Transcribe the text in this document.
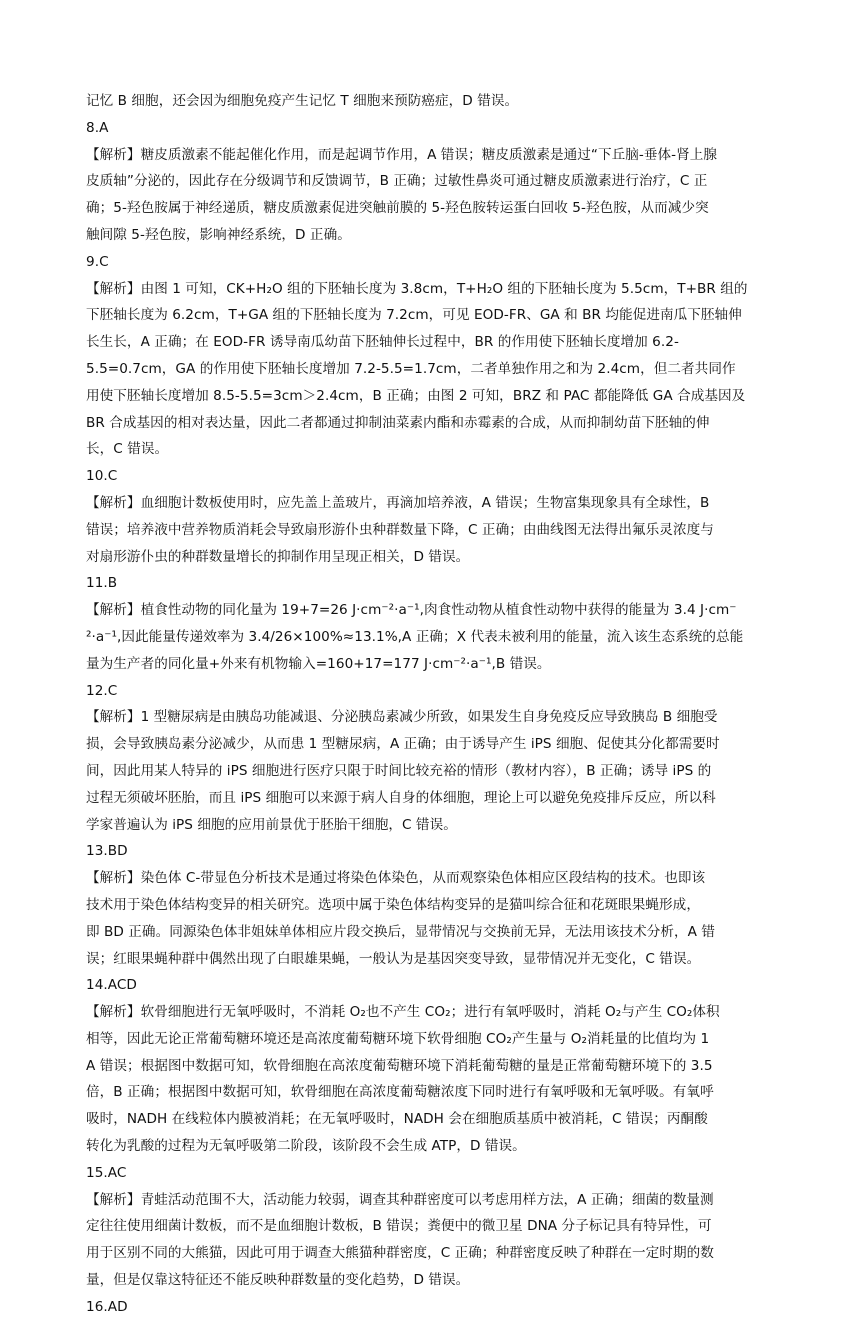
记忆 B 细胞，还会因为细胞免疫产生记忆 T 细胞来预防癌症，D 错误。
8.A
【解析】糖皮质激素不能起催化作用，而是起调节作用，A 错误；糖皮质激素是通过“下丘脑-垂体-肾上腺
皮质轴”分泌的，因此存在分级调节和反馈调节，B 正确；过敏性鼻炎可通过糖皮质激素进行治疗，C 正
确；5-羟色胺属于神经递质，糖皮质激素促进突触前膜的 5-羟色胺转运蛋白回收 5-羟色胺，从而减少突
触间隙 5-羟色胺，影响神经系统，D 正确。
9.C
【解析】由图 1 可知，CK+H₂O 组的下胚轴长度为 3.8cm，T+H₂O 组的下胚轴长度为 5.5cm，T+BR 组的
下胚轴长度为 6.2cm，T+GA 组的下胚轴长度为 7.2cm，可见 EOD-FR、GA 和 BR 均能促进南瓜下胚轴伸
长生长，A 正确；在 EOD-FR 诱导南瓜幼苗下胚轴伸长过程中，BR 的作用使下胚轴长度增加 6.2-
5.5=0.7cm，GA 的作用使下胚轴长度增加 7.2-5.5=1.7cm，二者单独作用之和为 2.4cm，但二者共同作
用使下胚轴长度增加 8.5-5.5=3cm＞2.4cm，B 正确；由图 2 可知，BRZ 和 PAC 都能降低 GA 合成基因及
BR 合成基因的相对表达量，因此二者都通过抑制油菜素内酯和赤霉素的合成，从而抑制幼苗下胚轴的伸
长，C 错误。
10.C
【解析】血细胞计数板使用时，应先盖上盖玻片，再滴加培养液，A 错误；生物富集现象具有全球性，B
错误；培养液中营养物质消耗会导致扇形游仆虫种群数量下降，C 正确；由曲线图无法得出氟乐灵浓度与
对扇形游仆虫的种群数量增长的抑制作用呈现正相关，D 错误。
11.B
【解析】植食性动物的同化量为 19+7=26 J·cm⁻²·a⁻¹,肉食性动物从植食性动物中获得的能量为 3.4 J·cm⁻
²·a⁻¹,因此能量传递效率为 3.4/26×100%≈13.1%,A 正确；X 代表未被利用的能量，流入该生态系统的总能
量为生产者的同化量+外来有机物输入=160+17=177 J·cm⁻²·a⁻¹,B 错误。
12.C
【解析】1 型糖尿病是由胰岛功能减退、分泌胰岛素减少所致，如果发生自身免疫反应导致胰岛 B 细胞受
损，会导致胰岛素分泌减少，从而患 1 型糖尿病，A 正确；由于诱导产生 iPS 细胞、促使其分化都需要时
间，因此用某人特异的 iPS 细胞进行医疗只限于时间比较充裕的情形（教材内容），B 正确；诱导 iPS 的
过程无须破坏胚胎，而且 iPS 细胞可以来源于病人自身的体细胞，理论上可以避免免疫排斥反应，所以科
学家普遍认为 iPS 细胞的应用前景优于胚胎干细胞，C 错误。
13.BD
【解析】染色体 C-带显色分析技术是通过将染色体染色，从而观察染色体相应区段结构的技术。也即该
技术用于染色体结构变异的相关研究。选项中属于染色体结构变异的是猫叫综合征和花斑眼果蝇形成，
即 BD 正确。同源染色体非姐妹单体相应片段交换后，显带情况与交换前无异，无法用该技术分析，A 错
误；红眼果蝇种群中偶然出现了白眼雄果蝇，一般认为是基因突变导致，显带情况并无变化，C 错误。
14.ACD
【解析】软骨细胞进行无氧呼吸时，不消耗 O₂也不产生 CO₂；进行有氧呼吸时，消耗 O₂与产生 CO₂体积
相等，因此无论正常葡萄糖环境还是高浓度葡萄糖环境下软骨细胞 CO₂产生量与 O₂消耗量的比值均为 1
A 错误；根据图中数据可知，软骨细胞在高浓度葡萄糖环境下消耗葡萄糖的量是正常葡萄糖环境下的 3.5
倍，B 正确；根据图中数据可知，软骨细胞在高浓度葡萄糖浓度下同时进行有氧呼吸和无氧呼吸。有氧呼
吸时，NADH 在线粒体内膜被消耗；在无氧呼吸时，NADH 会在细胞质基质中被消耗，C 错误；丙酮酸
转化为乳酸的过程为无氧呼吸第二阶段，该阶段不会生成 ATP，D 错误。
15.AC
【解析】青蛙活动范围不大，活动能力较弱，调查其种群密度可以考虑用样方法，A 正确；细菌的数量测
定往往使用细菌计数板，而不是血细胞计数板，B 错误；粪便中的微卫星 DNA 分子标记具有特异性，可
用于区别不同的大熊猫，因此可用于调查大熊猫种群密度，C 正确；种群密度反映了种群在一定时期的数
量，但是仅靠这特征还不能反映种群数量的变化趋势，D 错误。
16.AD
